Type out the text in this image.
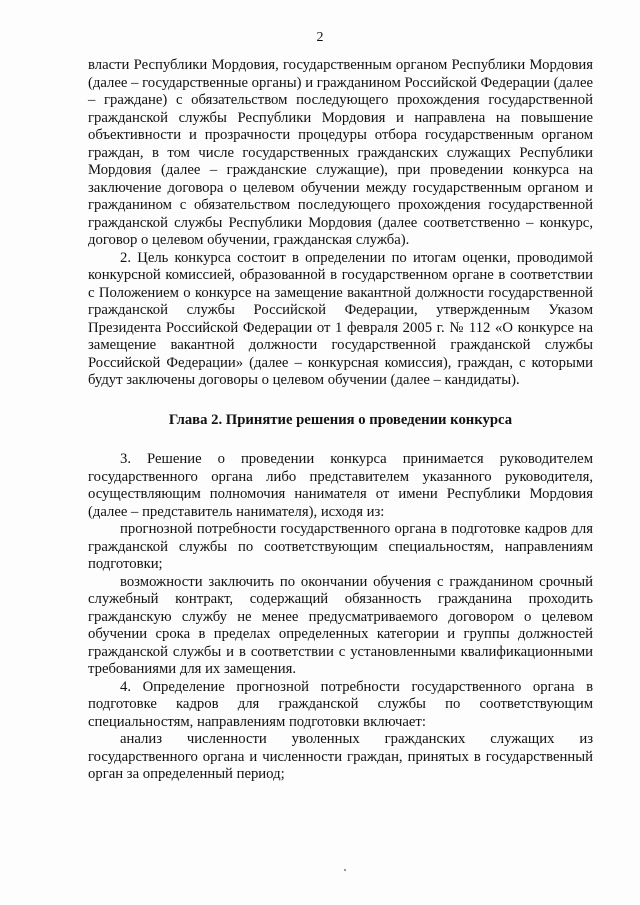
2

власти Республики Мордовия, государственным органом Республики Мордовия (далее – государственные органы) и гражданином Российской Федерации (далее – граждане) с обязательством последующего прохождения государственной гражданской службы Республики Мордовия и направлена на повышение объективности и прозрачности процедуры отбора государственным органом граждан, в том числе государственных гражданских служащих Республики Мордовия (далее – гражданские служащие), при проведении конкурса на заключение договора о целевом обучении между государственным органом и гражданином с обязательством последующего прохождения государственной гражданской службы Республики Мордовия (далее соответственно – конкурс, договор о целевом обучении, гражданская служба).

2. Цель конкурса состоит в определении по итогам оценки, проводимой конкурсной комиссией, образованной в государственном органе в соответствии с Положением о конкурсе на замещение вакантной должности государственной гражданской службы Российской Федерации, утвержденным Указом Президента Российской Федерации от 1 февраля 2005 г. № 112 «О конкурсе на замещение вакантной должности государственной гражданской службы Российской Федерации» (далее – конкурсная комиссия), граждан, с которыми будут заключены договоры о целевом обучении (далее – кандидаты).

Глава 2. Принятие решения о проведении конкурса

3. Решение о проведении конкурса принимается руководителем государственного органа либо представителем указанного руководителя, осуществляющим полномочия нанимателя от имени Республики Мордовия (далее – представитель нанимателя), исходя из:

прогнозной потребности государственного органа в подготовке кадров для гражданской службы по соответствующим специальностям, направлениям подготовки;

возможности заключить по окончании обучения с гражданином срочный служебный контракт, содержащий обязанность гражданина проходить гражданскую службу не менее предусматриваемого договором о целевом обучении срока в пределах определенных категории и группы должностей гражданской службы и в соответствии с установленными квалификационными требованиями для их замещения.

4. Определение прогнозной потребности государственного органа в подготовке кадров для гражданской службы по соответствующим специальностям, направлениям подготовки включает:

анализ численности уволенных гражданских служащих из государственного органа и численности граждан, принятых в государственный орган за определенный период;
